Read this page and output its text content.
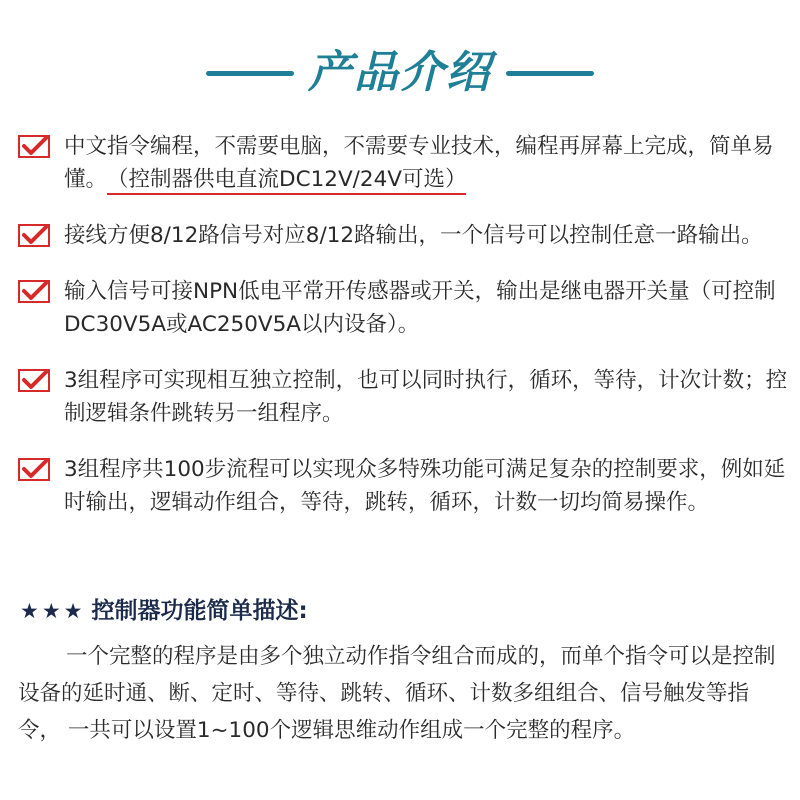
产品介绍
中文指令编程，不需要电脑，不需要专业技术，编程再屏幕上完成，简单易懂。（控制器供电直流DC12V/24V可选）
接线方便8/12路信号对应8/12路输出，一个信号可以控制任意一路输出。
输入信号可接NPN低电平常开传感器或开关，输出是继电器开关量（可控制DC30V5A或AC250V5A以内设备）。
3组程序可实现相互独立控制，也可以同时执行，循环，等待，计次计数；控制逻辑条件跳转另一组程序。
3组程序共100步流程可以实现众多特殊功能可满足复杂的控制要求，例如延时输出，逻辑动作组合，等待，跳转，循环，计数一切均简易操作。
★★★ 控制器功能简单描述:
一个完整的程序是由多个独立动作指令组合而成的，而单个指令可以是控制设备的延时通、断、定时、等待、跳转、循环、计数多组组合、信号触发等指令， 一共可以设置1~100个逻辑思维动作组成一个完整的程序。
